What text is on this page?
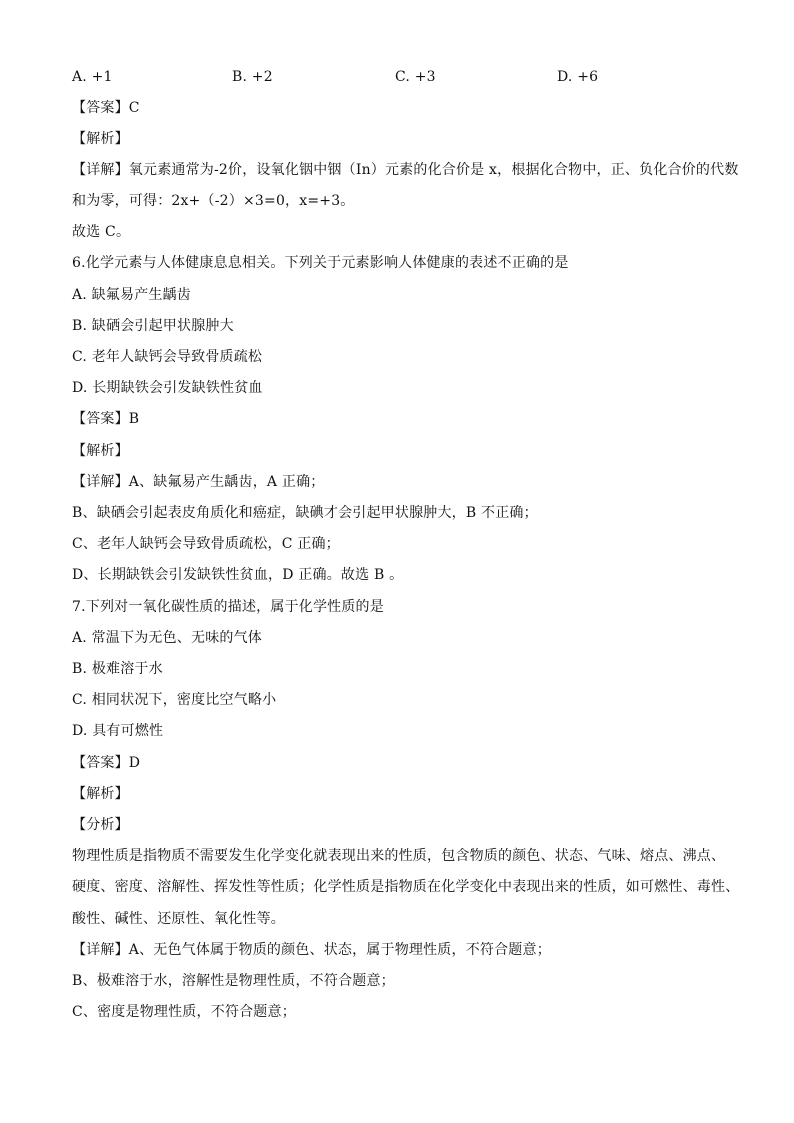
A. +1	B. +2	C. +3	D. +6
【答案】C
【解析】
【详解】氧元素通常为-2价，设氧化铟中铟（In）元素的化合价是 x，根据化合物中，正、负化合价的代数
和为零，可得：2x+（-2）×3=0，x=+3。
故选 C。
6.化学元素与人体健康息息相关。下列关于元素影响人体健康的表述不正确的是
A. 缺氟易产生龋齿
B. 缺硒会引起甲状腺肿大
C. 老年人缺钙会导致骨质疏松
D. 长期缺铁会引发缺铁性贫血
【答案】B
【解析】
【详解】A、缺氟易产生龋齿，A 正确；
B、缺硒会引起表皮角质化和癌症，缺碘才会引起甲状腺肿大，B 不正确；
C、老年人缺钙会导致骨质疏松，C 正确；
D、长期缺铁会引发缺铁性贫血，D 正确。故选 B 。
7.下列对一氧化碳性质的描述，属于化学性质的是
A. 常温下为无色、无味的气体
B. 极难溶于水
C. 相同状况下，密度比空气略小
D. 具有可燃性
【答案】D
【解析】
【分析】
物理性质是指物质不需要发生化学变化就表现出来的性质，包含物质的颜色、状态、气味、熔点、沸点、
硬度、密度、溶解性、挥发性等性质；化学性质是指物质在化学变化中表现出来的性质，如可燃性、毒性、
酸性、碱性、还原性、氧化性等。
【详解】A、无色气体属于物质的颜色、状态，属于物理性质，不符合题意；
B、极难溶于水，溶解性是物理性质，不符合题意；
C、密度是物理性质，不符合题意；
